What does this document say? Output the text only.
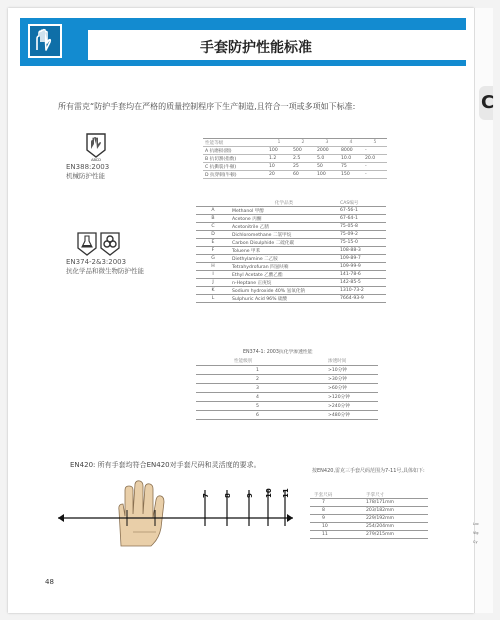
C
Lvc
Vig
Cy
手套防护性能标准
所有雷克“防护手套均在严格的质量控制程序下生产制造,且符合一项或多项如下标准:
ABCD
EN388:2003
机械防护性能
性能等级	1	2	3	4	5
A 抗磨损(圈)	100	500	2000	8000	-
B 抗切割(指数)	1.2	2.5	5.0	10.0	20.0
C 抗撕裂(牛顿)	10	25	50	75	-
D 抗穿刺(牛顿)	20	60	100	150	-
EN374-2&3:2003
抗化学品和微生物防护性能
	化学品类	CAS编号
A	Methanol 甲醇	67-56-1
B	Acetone 丙酮	67-64-1
C	Acetonitrile 乙腈	75-05-8
D	Dichloromethane 二氯甲烷	75-09-2
E	Carbon Disulphide 二硫化碳	75-15-0
F	Toluene 甲苯	108-88-3
G	Diethylamine 二乙胺	109-89-7
H	Tetrahydrofuran 四氢呋喃	109-99-9
I	Ethyl Acetate 乙酸乙酯	141-78-6
J	n-Heptane 正庚烷	142-85-5
K	Sodium hydroxide 40% 氢氧化钠	1310-73-2
L	Sulphuric Acid 96% 硫酸	7664-93-9
EN374-1: 2003抗化学渗透性能
性能级别	渗透时间
1	>10分钟
2	>30分钟
3	>60分钟
4	>120分钟
5	>240分钟
6	>480分钟
EN420: 所有手套均符合EN420对手套尺码和灵活度的要求。
7 8 9 10 11
按EN420,雷克三手套尺码范围为7-11号,具体如下:
手套尺码	手掌尺寸
7	178/171mm
8	203/182mm
9	229/192mm
10	254/204mm
11	279/215mm
48
